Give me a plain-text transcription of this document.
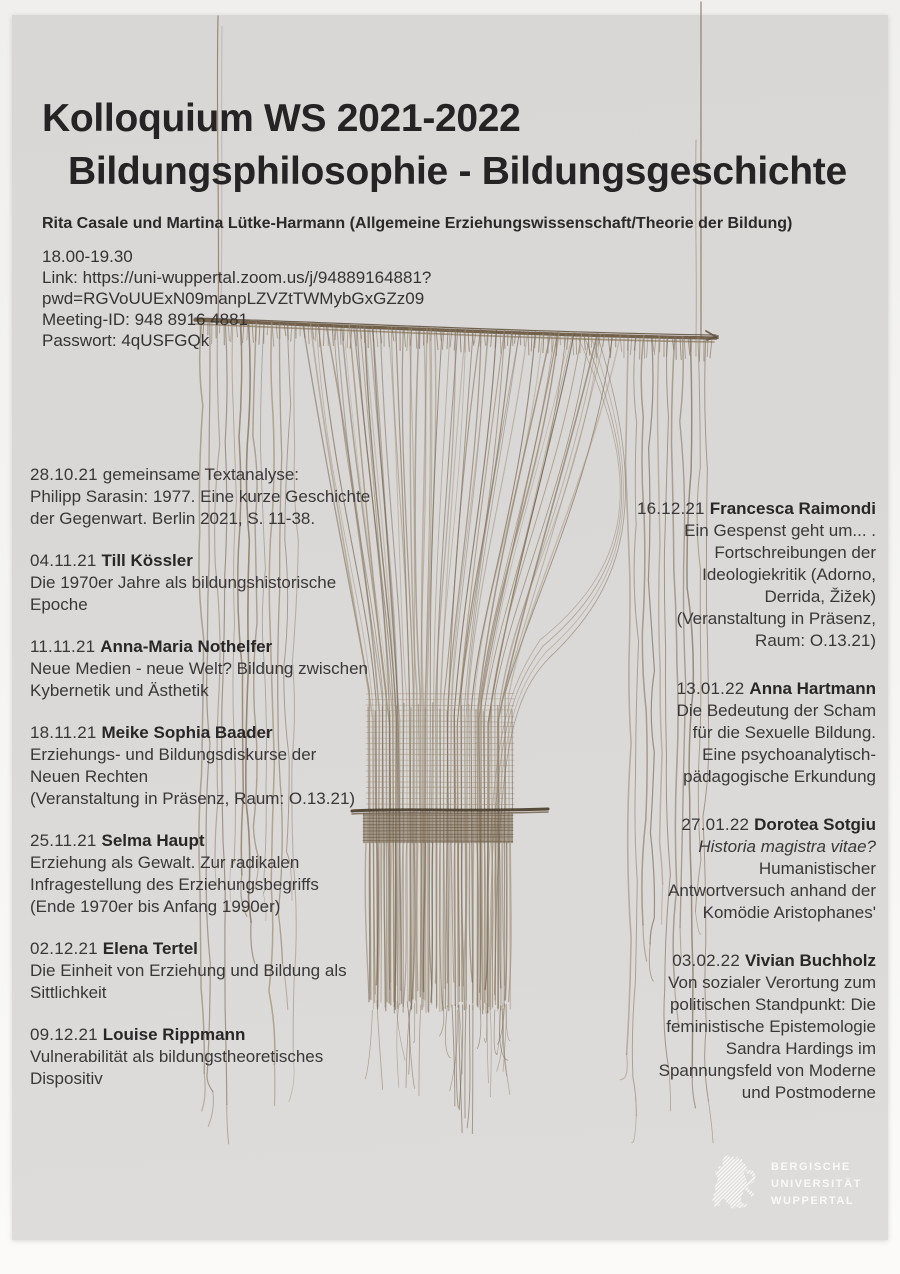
Kolloquium WS 2021-2022
Bildungsphilosophie - Bildungsgeschichte
Rita Casale und Martina Lütke-Harmann (Allgemeine Erziehungswissenschaft/Theorie der Bildung)
18.00-19.30
Link: https://uni-wuppertal.zoom.us/j/94889164881?
pwd=RGVoUUExN09manpLZVZtTWMybGxGZz09
Meeting-ID: 948 8916 4881
Passwort: 4qUSFGQk
28.10.21 gemeinsame Textanalyse:
Philipp Sarasin: 1977. Eine kurze Geschichte
der Gegenwart. Berlin 2021, S. 11-38.
04.11.21 Till Kössler
Die 1970er Jahre als bildungshistorische
Epoche
11.11.21 Anna-Maria Nothelfer
Neue Medien - neue Welt? Bildung zwischen
Kybernetik und Ästhetik
18.11.21 Meike Sophia Baader
Erziehungs- und Bildungsdiskurse der
Neuen Rechten
(Veranstaltung in Präsenz, Raum: O.13.21)
25.11.21 Selma Haupt
Erziehung als Gewalt. Zur radikalen
Infragestellung des Erziehungsbegriffs
(Ende 1970er bis Anfang 1990er)
02.12.21 Elena Tertel
Die Einheit von Erziehung und Bildung als
Sittlichkeit
09.12.21 Louise Rippmann
Vulnerabilität als bildungstheoretisches
Dispositiv
16.12.21 Francesca Raimondi
Ein Gespenst geht um... .
Fortschreibungen der
Ideologiekritik (Adorno,
Derrida, Žižek)
(Veranstaltung in Präsenz,
Raum: O.13.21)
13.01.22 Anna Hartmann
Die Bedeutung der Scham
für die Sexuelle Bildung.
Eine psychoanalytisch-
pädagogische Erkundung
27.01.22 Dorotea Sotgiu
Historia magistra vitae?
Humanistischer
Antwortversuch anhand der
Komödie Aristophanes'
03.02.22 Vivian Buchholz
Von sozialer Verortung zum
politischen Standpunkt: Die
feministische Epistemologie
Sandra Hardings im
Spannungsfeld von Moderne
und Postmoderne
BERGISCHE
UNIVERSITÄT
WUPPERTAL
